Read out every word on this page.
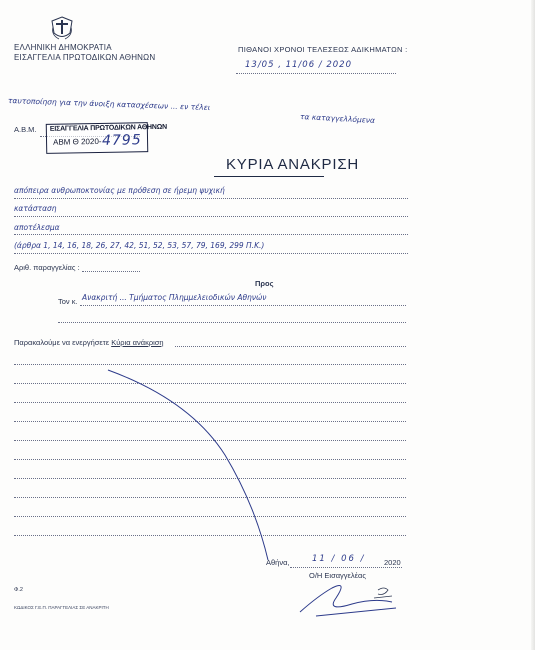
ΕΛΛΗΝΙΚΗ ΔΗΜΟΚΡΑΤΙΑ
ΕΙΣΑΓΓΕΛΙΑ ΠΡΩΤΟΔΙΚΩΝ ΑΘΗΝΩΝ
ΠΙΘΑΝΟΙ ΧΡΟΝΟΙ ΤΕΛΕΣΕΩΣ ΑΔΙΚΗΜΑΤΩΝ :
13/05 , 11/06 / 2020
ταυτοποίηση για την άνοιξη κατασχέσεων ... εν τέλει
τα καταγγελλόμενα
Α.Β.Μ. ΕΙΣΑΓΓΕΛΙΑ ΠΡΩΤΟΔΙΚΩΝ ΑΘΗΝΩΝ
ΑΒΜ Θ 2020- 4795
ΚΥΡΙΑ ΑΝΑΚΡΙΣΗ
απόπειρα ανθρωποκτονίας με πρόθεση σε ήρεμη ψυχική
κατάσταση
αποτέλεσμα
(άρθρα 1, 14, 16, 18, 26, 27, 42, 51, 52, 53, 57, 79, 169, 299 Π.Κ.)
Αριθ. παραγγελίας :
Προς
Τον κ. Ανακριτή ... Τμήματος Πλημμελειοδικών Αθηνών
Παρακαλούμε να ενεργήσετε Κύρια ανάκριση
Αθήνα,	11 / 06 / 2020
Ο/Η Εισαγγελέας
Φ.2
ΚΩΔΙΚΟΣ Γ.Ε.Π. ΠΑΡΑΓΓΕΛΙΑΣ ΣΕ ΑΝΑΚΡΙΤΗ
